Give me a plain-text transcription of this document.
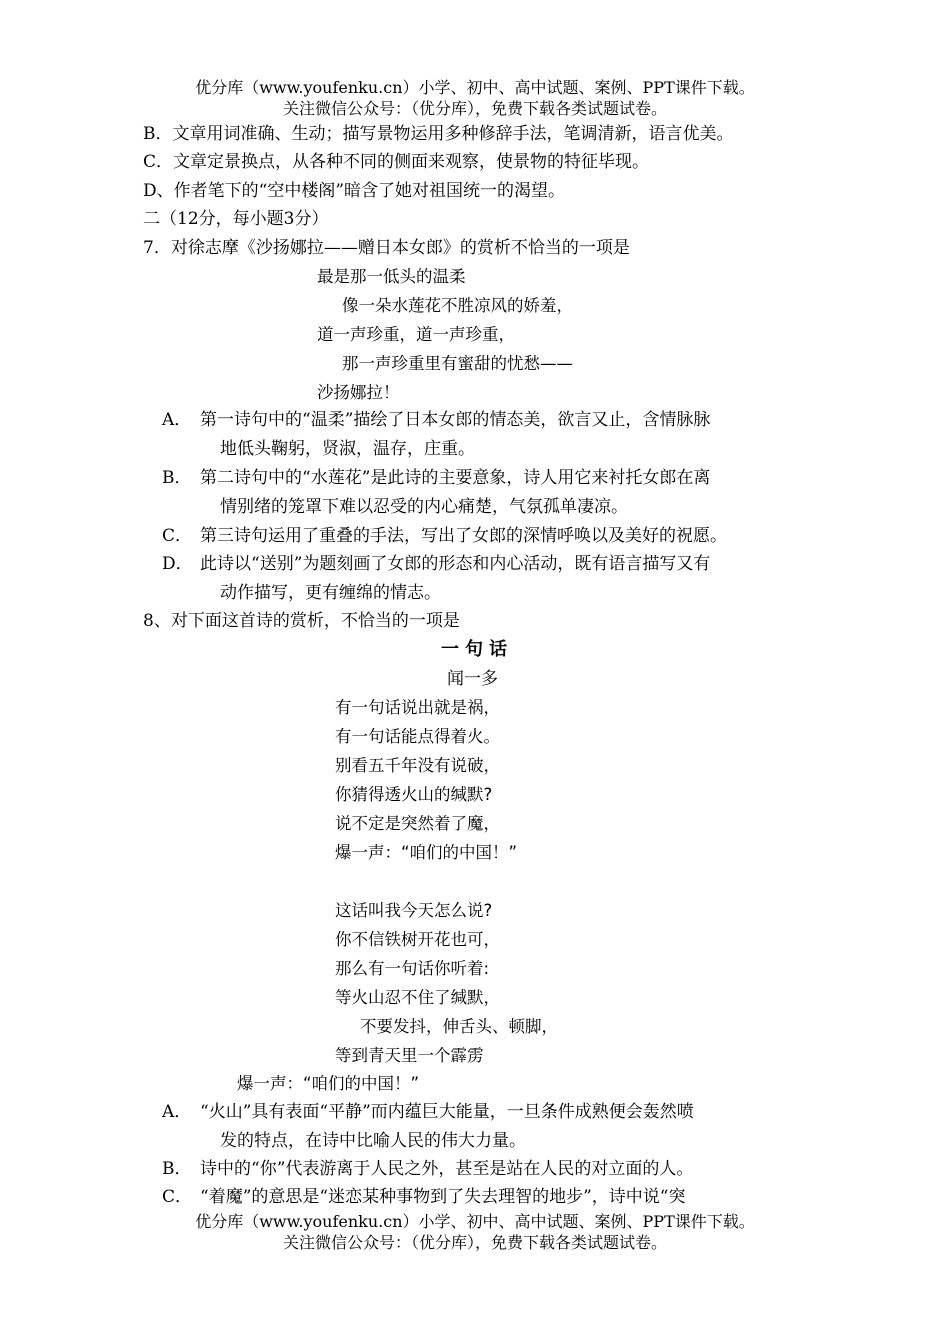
优分库（www.youfenku.cn）小学、初中、高中试题、案例、PPT课件下载。
关注微信公众号：（优分库），免费下载各类试题试卷。
B．文章用词准确、生动；描写景物运用多种修辞手法，笔调清新，语言优美。
C．文章定景换点，从各种不同的侧面来观察，使景物的特征毕现。
D、作者笔下的“空中楼阁”暗含了她对祖国统一的渴望。
二（12分，每小题3分）
7．对徐志摩《沙扬娜拉——赠日本女郎》的赏析不恰当的一项是
最是那一低头的温柔
像一朵水莲花不胜凉风的娇羞，
道一声珍重，道一声珍重，
那一声珍重里有蜜甜的忧愁——
沙扬娜拉！
A． 第一诗句中的“温柔”描绘了日本女郎的情态美，欲言又止，含情脉脉
地低头鞠躬，贤淑，温存，庄重。
B． 第二诗句中的“水莲花”是此诗的主要意象，诗人用它来衬托女郎在离
情别绪的笼罩下难以忍受的内心痛楚，气氛孤单凄凉。
C． 第三诗句运用了重叠的手法，写出了女郎的深情呼唤以及美好的祝愿。
D． 此诗以“送别”为题刻画了女郎的形态和内心活动，既有语言描写又有
动作描写，更有缠绵的情志。
8、对下面这首诗的赏析，不恰当的一项是
一句话
闻一多
有一句话说出就是祸，
有一句话能点得着火。
别看五千年没有说破，
你猜得透火山的缄默?
说不定是突然着了魔，
爆一声：“咱们的中国！”
这话叫我今天怎么说?
你不信铁树开花也可，
那么有一句话你听着:
等火山忍不住了缄默，
不要发抖，伸舌头、顿脚，
等到青天里一个霹雳
爆一声：“咱们的中国！”
A． “火山”具有表面“平静”而内蕴巨大能量，一旦条件成熟便会轰然喷
发的特点，在诗中比喻人民的伟大力量。
B． 诗中的“你”代表游离于人民之外，甚至是站在人民的对立面的人。
C． “着魔”的意思是“迷恋某种事物到了失去理智的地步”，诗中说“突
优分库（www.youfenku.cn）小学、初中、高中试题、案例、PPT课件下载。
关注微信公众号：（优分库），免费下载各类试题试卷。
